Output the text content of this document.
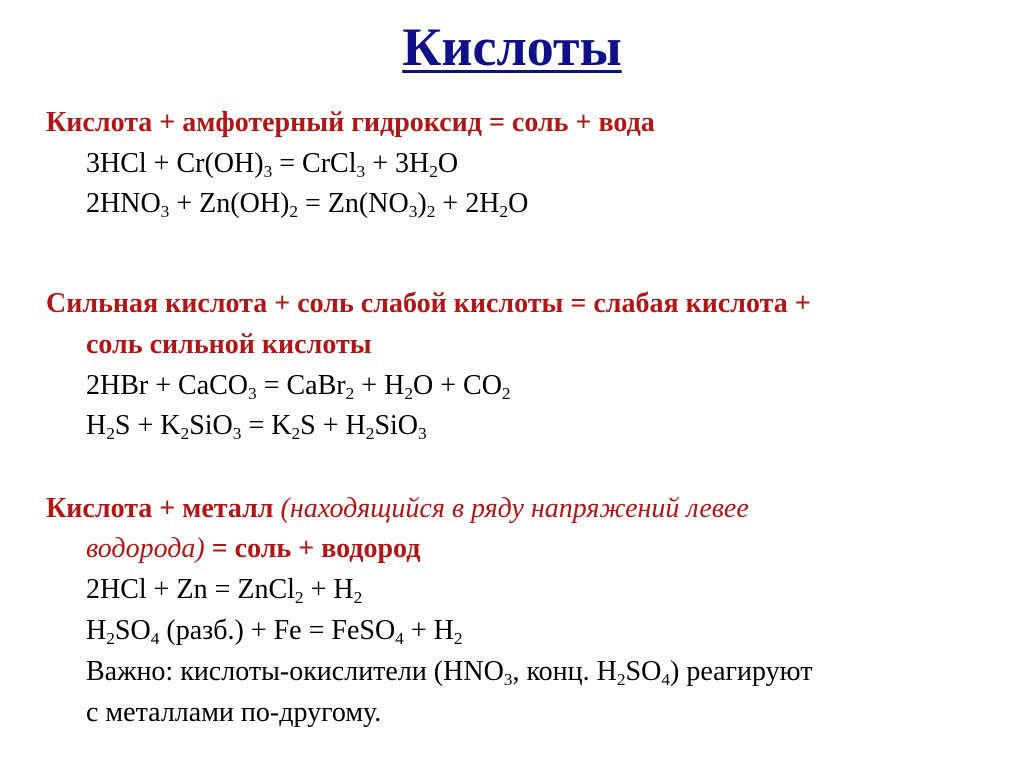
Кислоты
Кислота + амфотерный гидроксид = соль + вода
$3HCl + Cr(OH)_3$ = CrCl$_3$ + $3H_2O$
$2HNO_3 + Zn(OH)_2 = Zn(NO_3)_2 + 2H_2O$
Сильная кислота + соль слабой кислоты = слабая кислота +
соль сильной кислоты
2HBr + CaCO$_3$ = CaBr$_2$ + $H_2O + CO_2$
$H_2S + K_2SiO_3 = K_2S + H_2SiO_3$
Кислота + металл (находящийся в ряду напряжений левее
водорода) = соль + водород
2HCl + Zn = ZnCl$_2$ + $H_2$
$H_2SO_4$ (разб.) + Fe = FeSO$_4$ + $H_2$
Важно: кислоты-окислители ($HNO_3$, конц. $H_2SO_4$) реагируют
с металлами по-другому.
